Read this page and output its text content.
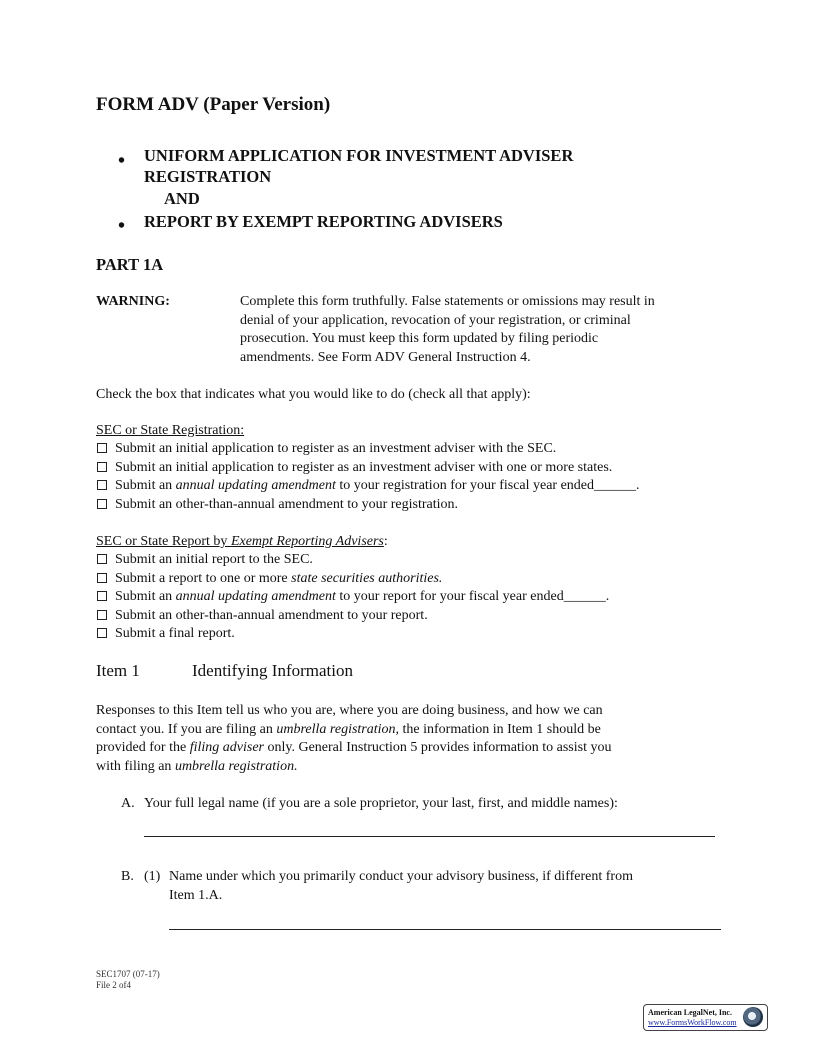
FORM ADV (Paper Version)
• UNIFORM APPLICATION FOR INVESTMENT ADVISER
REGISTRATION
AND
• REPORT BY EXEMPT REPORTING ADVISERS
PART 1A
WARNING:	Complete this form truthfully. False statements or omissions may result in
denial of your application, revocation of your registration, or criminal
prosecution. You must keep this form updated by filing periodic
amendments. See Form ADV General Instruction 4.
Check the box that indicates what you would like to do (check all that apply):
SEC or State Registration:
Submit an initial application to register as an investment adviser with the SEC.
Submit an initial application to register as an investment adviser with one or more states.
Submit an annual updating amendment to your registration for your fiscal year ended______.
Submit an other-than-annual amendment to your registration.
SEC or State Report by Exempt Reporting Advisers:
Submit an initial report to the SEC.
Submit a report to one or more state securities authorities.
Submit an annual updating amendment to your report for your fiscal year ended______.
Submit an other-than-annual amendment to your report.
Submit a final report.
Item 1	Identifying Information
Responses to this Item tell us who you are, where you are doing business, and how we can
contact you. If you are filing an umbrella registration, the information in Item 1 should be
provided for the filing adviser only. General Instruction 5 provides information to assist you
with filing an umbrella registration.
A. Your full legal name (if you are a sole proprietor, your last, first, and middle names):
B. (1) Name under which you primarily conduct your advisory business, if different from
Item 1.A.
SEC1707 (07-17)
File 2 of4
American LegalNet, Inc.
www.FormsWorkFlow.com
